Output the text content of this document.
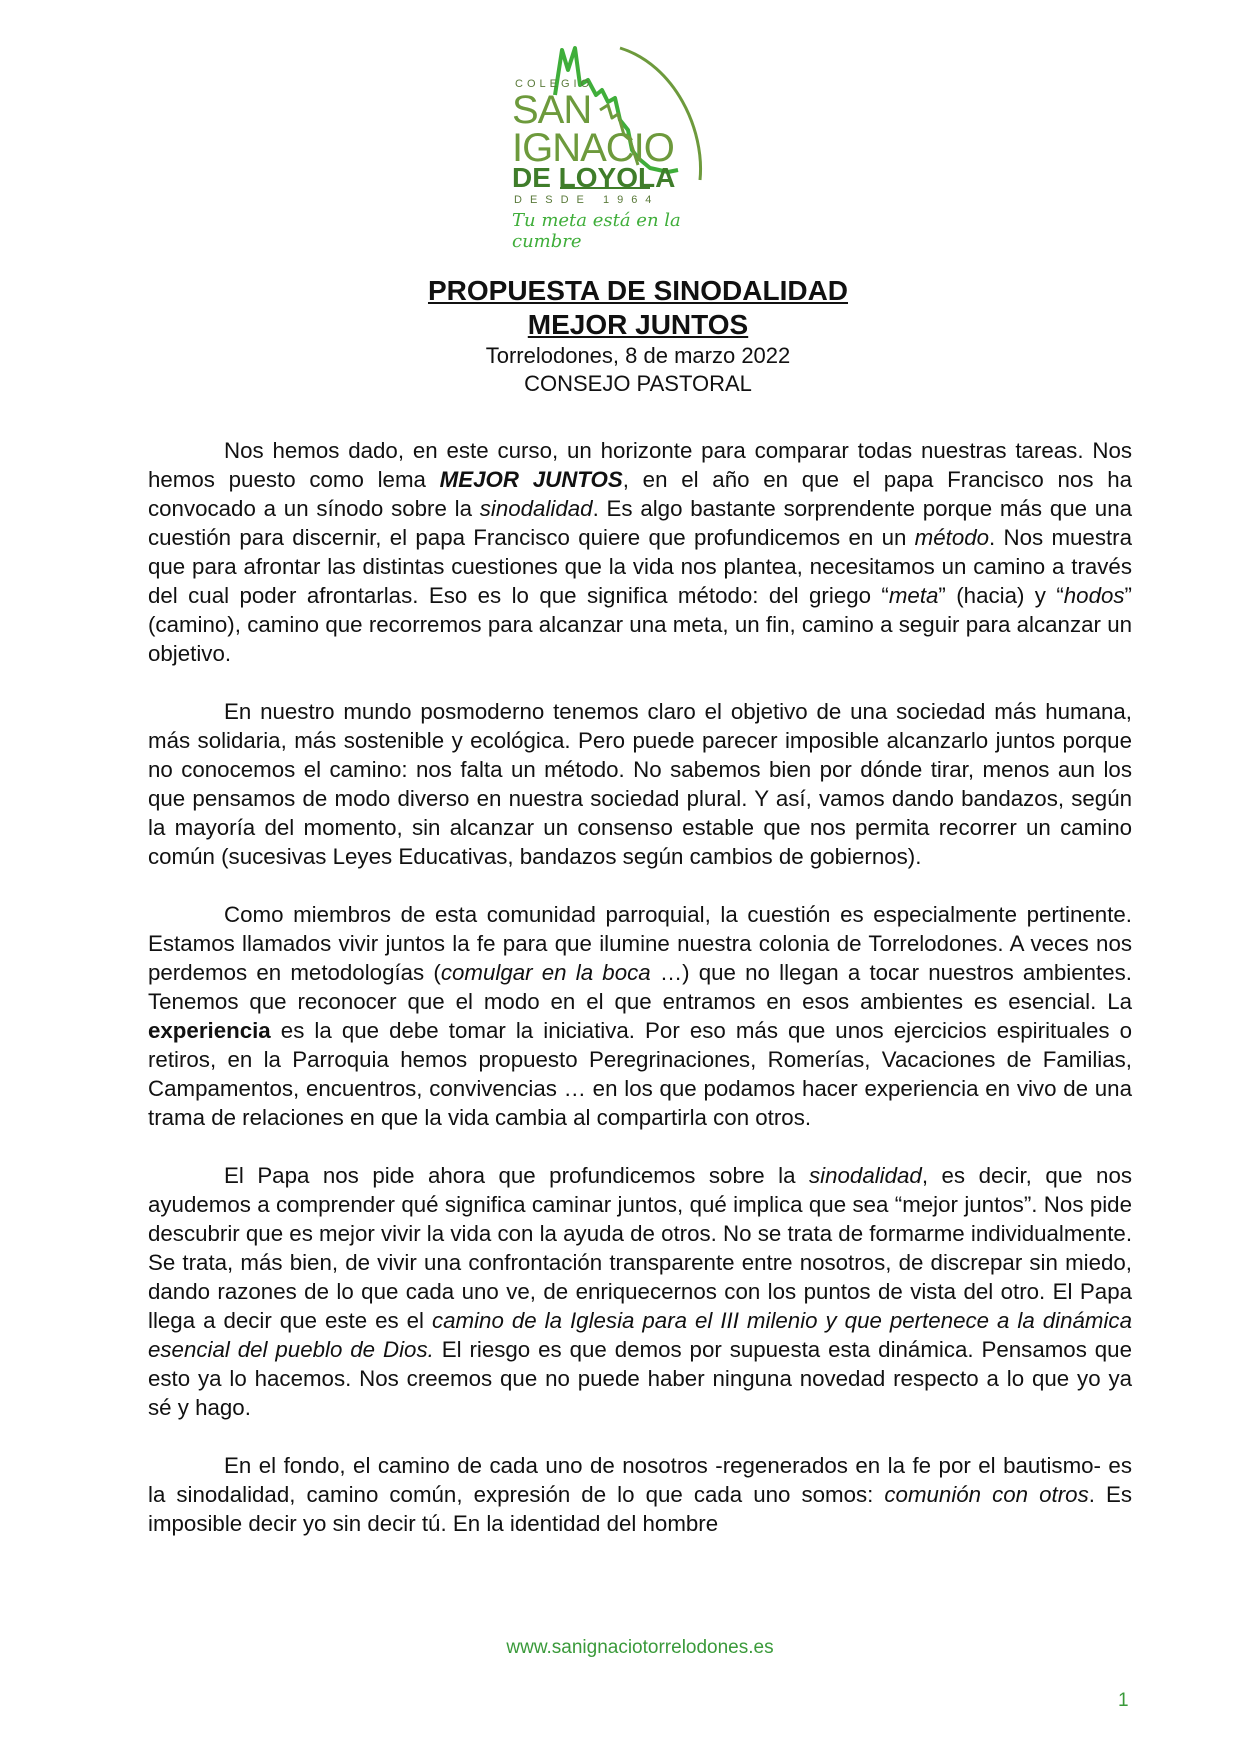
COLEGIO
SAN
IGNACIO
DE LOYOLA
DESDE 1964
Tu meta está en la cumbre

PROPUESTA DE SINODALIDAD

MEJOR JUNTOS

Torrelodones, 8 de marzo 2022

CONSEJO PASTORAL

Nos hemos dado, en este curso, un horizonte para comparar todas nuestras tareas. Nos hemos puesto como lema MEJOR JUNTOS, en el año en que el papa Francisco nos ha convocado a un sínodo sobre la sinodalidad. Es algo bastante sorprendente porque más que una cuestión para discernir, el papa Francisco quiere que profundicemos en un método. Nos muestra que para afrontar las distintas cuestiones que la vida nos plantea, necesitamos un camino a través del cual poder afrontarlas. Eso es lo que significa método: del griego “meta” (hacia) y “hodos” (camino), camino que recorremos para alcanzar una meta, un fin, camino a seguir para alcanzar un objetivo.

En nuestro mundo posmoderno tenemos claro el objetivo de una sociedad más humana, más solidaria, más sostenible y ecológica. Pero puede parecer imposible alcanzarlo juntos porque no conocemos el camino: nos falta un método. No sabemos bien por dónde tirar, menos aun los que pensamos de modo diverso en nuestra sociedad plural. Y así, vamos dando bandazos, según la mayoría del momento, sin alcanzar un consenso estable que nos permita recorrer un camino común (sucesivas Leyes Educativas, bandazos según cambios de gobiernos).

Como miembros de esta comunidad parroquial, la cuestión es especialmente pertinente. Estamos llamados vivir juntos la fe para que ilumine nuestra colonia de Torrelodones. A veces nos perdemos en metodologías (comulgar en la boca …) que no llegan a tocar nuestros ambientes. Tenemos que reconocer que el modo en el que entramos en esos ambientes es esencial. La experiencia es la que debe tomar la iniciativa. Por eso más que unos ejercicios espirituales o retiros, en la Parroquia hemos propuesto Peregrinaciones, Romerías, Vacaciones de Familias, Campamentos, encuentros, convivencias … en los que podamos hacer experiencia en vivo de una trama de relaciones en que la vida cambia al compartirla con otros.

El Papa nos pide ahora que profundicemos sobre la sinodalidad, es decir, que nos ayudemos a comprender qué significa caminar juntos, qué implica que sea “mejor juntos”. Nos pide descubrir que es mejor vivir la vida con la ayuda de otros. No se trata de formarme individualmente. Se trata, más bien, de vivir una confrontación transparente entre nosotros, de discrepar sin miedo, dando razones de lo que cada uno ve, de enriquecernos con los puntos de vista del otro. El Papa llega a decir que este es el camino de la Iglesia para el III milenio y que pertenece a la dinámica esencial del pueblo de Dios. El riesgo es que demos por supuesta esta dinámica. Pensamos que esto ya lo hacemos. Nos creemos que no puede haber ninguna novedad respecto a lo que yo ya sé y hago.

En el fondo, el camino de cada uno de nosotros -regenerados en la fe por el bautismo- es la sinodalidad, camino común, expresión de lo que cada uno somos: comunión con otros. Es imposible decir yo sin decir tú. En la identidad del hombre

www.sanignaciotorrelodones.es
1
